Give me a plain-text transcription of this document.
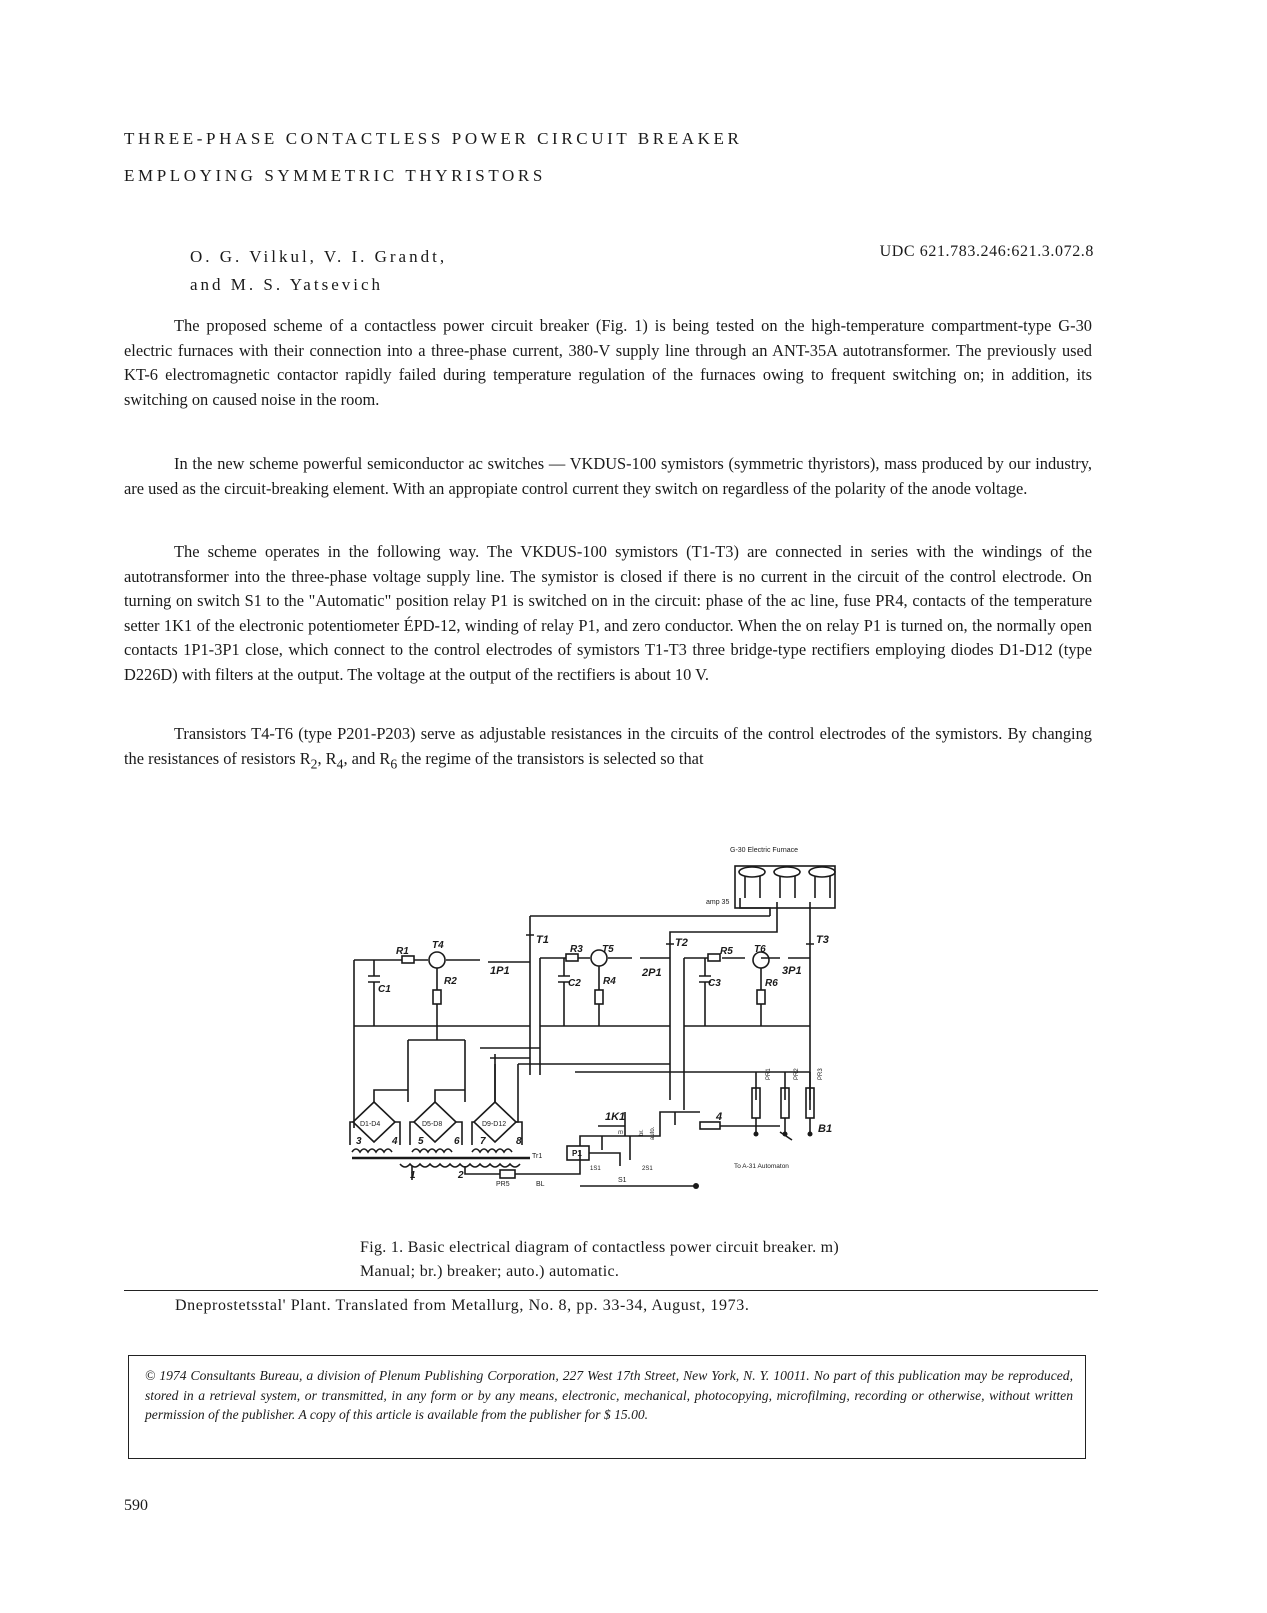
THREE-PHASE CONTACTLESS POWER CIRCUIT BREAKER
EMPLOYING SYMMETRIC THYRISTORS
O. G. Vilkul, V. I. Grandt,
and M. S. Yatsevich
UDC 621.783.246:621.3.072.8

The proposed scheme of a contactless power circuit breaker (Fig. 1) is being tested on the high-temperature compartment-type G-30 electric furnaces with their connection into a three-phase current, 380-V supply line through an ANT-35A autotransformer. The previously used KT-6 electromagnetic contactor rapidly failed during temperature regulation of the furnaces owing to frequent switching on; in addition, its switching on caused noise in the room.

In the new scheme powerful semiconductor ac switches — VKDUS-100 symistors (symmetric thyristors), mass produced by our industry, are used as the circuit-breaking element. With an appropiate control current they switch on regardless of the polarity of the anode voltage.

The scheme operates in the following way. The VKDUS-100 symistors (T1-T3) are connected in series with the windings of the autotransformer into the three-phase voltage supply line. The symistor is closed if there is no current in the circuit of the control electrode. On turning on switch S1 to the "Automatic" position relay P1 is switched on in the circuit: phase of the ac line, fuse PR4, contacts of the temperature setter 1K1 of the electronic potentiometer ÉPD-12, winding of relay P1, and zero conductor. When the on relay P1 is turned on, the normally open contacts 1P1-3P1 close, which connect to the control electrodes of symistors T1-T3 three bridge-type rectifiers employing diodes D1-D12 (type D226D) with filters at the output. The voltage at the output of the rectifiers is about 10 V.

Transistors T4-T6 (type P201-P203) serve as adjustable resistances in the circuits of the control electrodes of the symistors. By changing the resistances of resistors $R_2$, $R_4$, and $R_6$ the regime of the transistors is selected so that

G-30 Electric Furnace
amp 35
T1	T2	T3
T4	T5	T6
R1
R2
R3
R4
R5
R6
C1
C2	C3
1P1	2P1	3P1
D1-D4	D5-D8	D9-D12
3	4 5	6 7	8
1	2
Tr1
PR5	BL
P1
1K1
1S1	2S1
S1
m	br. auto.
4
B1
PR1	PR2	PR3
To A-31 Automaton
Fig. 1. Basic electrical diagram of contactless power circuit breaker. m) Manual; br.) breaker; auto.) automatic.
Dneprostetsstal' Plant. Translated from Metallurg, No. 8, pp. 33-34, August, 1973.

© 1974 Consultants Bureau, a division of Plenum Publishing Corporation, 227 West 17th Street, New York, N. Y. 10011. No part of this publication may be reproduced, stored in a retrieval system, or transmitted, in any form or by any means, electronic, mechanical, photocopying, microfilming, recording or otherwise, without written permission of the publisher. A copy of this article is available from the publisher for $ 15.00.

590
